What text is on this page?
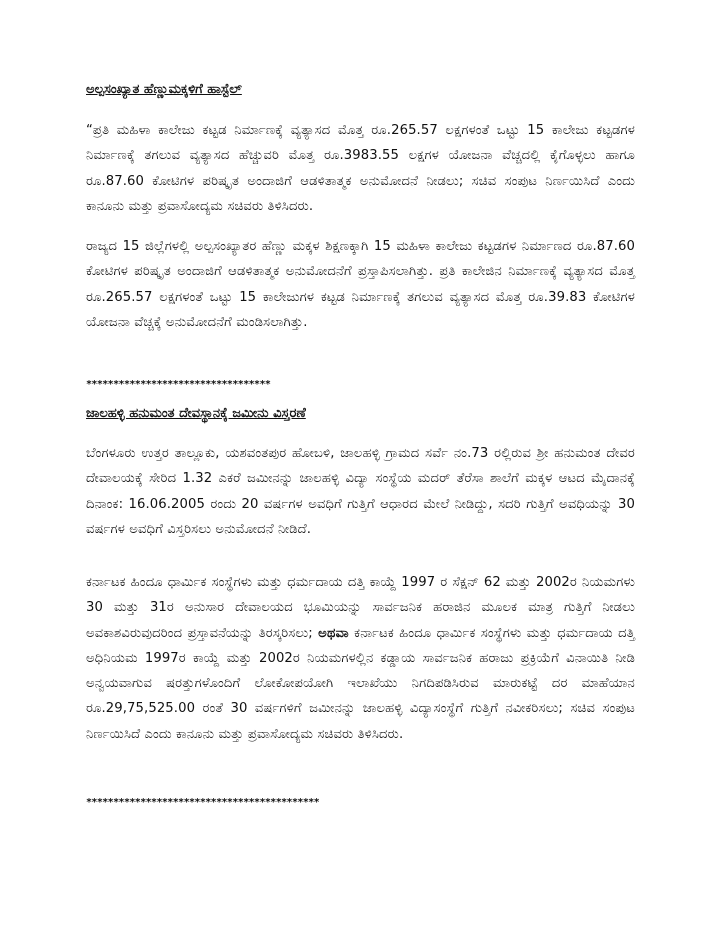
ಅಲ್ಪಸಂಖ್ಯಾತ ಹೆಣ್ಣುಮಕ್ಕಳಿಗೆ ಹಾಸ್ಟೆಲ್

“ಪ್ರತಿ ಮಹಿಳಾ ಕಾಲೇಜು ಕಟ್ಟಡ ನಿರ್ಮಾಣಕ್ಕೆ ವ್ಯತ್ಯಾಸದ ಮೊತ್ತ ರೂ.265.57 ಲಕ್ಷಗಳಂತೆ ಒಟ್ಟು 15 ಕಾಲೇಜು ಕಟ್ಟಡಗಳ ನಿರ್ಮಾಣಕ್ಕೆ ತಗಲುವ ವ್ಯತ್ಯಾಸದ ಹೆಚ್ಚುವರಿ ಮೊತ್ತ ರೂ.3983.55 ಲಕ್ಷಗಳ ಯೋಜನಾ ವೆಚ್ಚದಲ್ಲಿ ಕೈಗೊಳ್ಳಲು ಹಾಗೂ ರೂ.87.60 ಕೋಟಿಗಳ ಪರಿಷ್ಕೃತ ಅಂದಾಜಿಗೆ ಆಡಳಿತಾತ್ಮಕ ಅನುಮೋದನೆ ನೀಡಲು; ಸಚಿವ ಸಂಪುಟ ನಿರ್ಣಯಿಸಿದೆ ಎಂದು ಕಾನೂನು ಮತ್ತು ಪ್ರವಾಸೋದ್ಯಮ ಸಚಿವರು ತಿಳಿಸಿದರು.

ರಾಜ್ಯದ 15 ಜಿಲ್ಲೆಗಳಲ್ಲಿ ಅಲ್ಪಸಂಖ್ಯಾತರ ಹೆಣ್ಣು ಮಕ್ಕಳ ಶಿಕ್ಷಣಕ್ಕಾಗಿ 15 ಮಹಿಳಾ ಕಾಲೇಜು ಕಟ್ಟಡಗಳ ನಿರ್ಮಾಣದ ರೂ.87.60 ಕೋಟಿಗಳ ಪರಿಷ್ಕೃತ ಅಂದಾಜಿಗೆ ಆಡಳಿತಾತ್ಮಕ ಅನುಮೋದನೆಗೆ ಪ್ರಸ್ತಾಪಿಸಲಾಗಿತ್ತು. ಪ್ರತಿ ಕಾಲೇಜಿನ ನಿರ್ಮಾಣಕ್ಕೆ ವ್ಯತ್ಯಾಸದ ಮೊತ್ತ ರೂ.265.57 ಲಕ್ಷಗಳಂತೆ ಒಟ್ಟು 15 ಕಾಲೇಜುಗಳ ಕಟ್ಟಡ ನಿರ್ಮಾಣಕ್ಕೆ ತಗಲುವ ವ್ಯತ್ಯಾಸದ ಮೊತ್ತ ರೂ.39.83 ಕೋಟಿಗಳ ಯೋಜನಾ ವೆಚ್ಚಕ್ಕೆ ಅನುಮೋದನೆಗೆ ಮಂಡಿಸಲಾಗಿತ್ತು.

**********************************

ಜಾಲಹಳ್ಳಿ ಹನುಮಂತ ದೇವಸ್ಥಾನಕ್ಕೆ ಜಮೀನು ವಿಸ್ತರಣೆ

ಬೆಂಗಳೂರು ಉತ್ತರ ತಾಲ್ಲೂಕು, ಯಶವಂತಪುರ ಹೋಬಳಿ, ಜಾಲಹಳ್ಳಿ ಗ್ರಾಮದ ಸರ್ವೆ ನಂ.73 ರಲ್ಲಿರುವ ಶ್ರೀ ಹನುಮಂತ ದೇವರ ದೇವಾಲಯಕ್ಕೆ ಸೇರಿದ 1.32 ಎಕರೆ ಜಮೀನನ್ನು ಜಾಲಹಳ್ಳಿ ವಿದ್ಯಾ ಸಂಸ್ಥೆಯ ಮದರ್ ತೆರೆಸಾ ಶಾಲೆಗೆ ಮಕ್ಕಳ ಆಟದ ಮೈದಾನಕ್ಕೆ ದಿನಾಂಕ: 16.06.2005 ರಂದು 20 ವರ್ಷಗಳ ಅವಧಿಗೆ ಗುತ್ತಿಗೆ ಆಧಾರದ ಮೇಲೆ ನೀಡಿದ್ದು, ಸದರಿ ಗುತ್ತಿಗೆ ಅವಧಿಯನ್ನು 30 ವರ್ಷಗಳ ಅವಧಿಗೆ ವಿಸ್ತರಿಸಲು ಅನುಮೋದನೆ ನೀಡಿದೆ.

ಕರ್ನಾಟಕ ಹಿಂದೂ ಧಾರ್ಮಿಕ ಸಂಸ್ಥೆಗಳು ಮತ್ತು ಧರ್ಮದಾಯ ದತ್ತಿ ಕಾಯ್ದೆ 1997 ರ ಸೆಕ್ಷನ್ 62 ಮತ್ತು 2002ರ ನಿಯಮಗಳು 30 ಮತ್ತು 31ರ ಅನುಸಾರ ದೇವಾಲಯದ ಭೂಮಿಯನ್ನು ಸಾರ್ವಜನಿಕ ಹರಾಜಿನ ಮೂಲಕ ಮಾತ್ರ ಗುತ್ತಿಗೆ ನೀಡಲು ಅವಕಾಶವಿರುವುದರಿಂದ ಪ್ರಸ್ತಾವನೆಯನ್ನು ತಿರಸ್ಕರಿಸಲು; ಅಥವಾ ಕರ್ನಾಟಕ ಹಿಂದೂ ಧಾರ್ಮಿಕ ಸಂಸ್ಥೆಗಳು ಮತ್ತು ಧರ್ಮದಾಯ ದತ್ತಿ ಅಧಿನಿಯಮ 1997ರ ಕಾಯ್ದೆ ಮತ್ತು 2002ರ ನಿಯಮಗಳಲ್ಲಿನ ಕಡ್ಡಾಯ ಸಾರ್ವಜನಿಕ ಹರಾಜು ಪ್ರಕ್ರಿಯೆಗೆ ವಿನಾಯಿತಿ ನೀಡಿ ಅನ್ವಯವಾಗುವ ಷರತ್ತುಗಳೊಂದಿಗೆ ಲೋಕೋಪಯೋಗಿ ಇಲಾಖೆಯು ನಿಗದಿಪಡಿಸಿರುವ ಮಾರುಕಟ್ಟೆ ದರ ಮಾಹೆಯಾನ ರೂ.29,75,525.00 ರಂತೆ 30 ವರ್ಷಗಳಿಗೆ ಜಮೀನನ್ನು ಜಾಲಹಳ್ಳಿ ವಿದ್ಯಾಸಂಸ್ಥೆಗೆ ಗುತ್ತಿಗೆ ನವೀಕರಿಸಲು; ಸಚಿವ ಸಂಪುಟ ನಿರ್ಣಯಿಸಿದೆ ಎಂದು ಕಾನೂನು ಮತ್ತು ಪ್ರವಾಸೋದ್ಯಮ ಸಚಿವರು ತಿಳಿಸಿದರು.

*******************************************
